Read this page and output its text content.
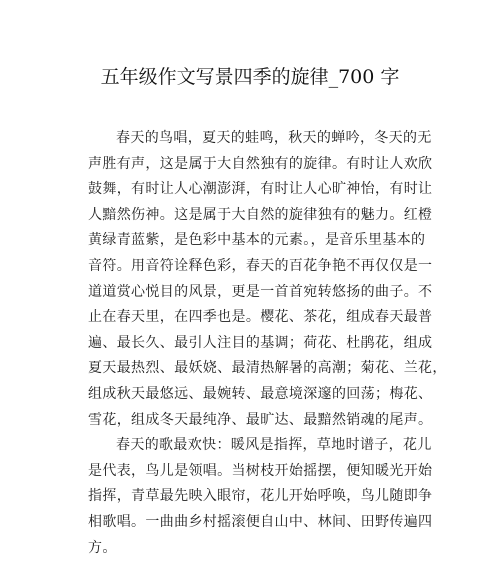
五年级作文写景四季的旋律_700 字
春天的鸟唱，夏天的蛙鸣，秋天的蝉吟，冬天的无
声胜有声，这是属于大自然独有的旋律。有时让人欢欣
鼓舞，有时让人心潮澎湃，有时让人心旷神怡，有时让
人黯然伤神。这是属于大自然的旋律独有的魅力。红橙
黄绿青蓝紫，是色彩中基本的元素。，是音乐里基本的
音符。用音符诠释色彩，春天的百花争艳不再仅仅是一
道道赏心悦目的风景，更是一首首宛转悠扬的曲子。不
止在春天里，在四季也是。樱花、茶花，组成春天最普
遍、最长久、最引人注目的基调；荷花、杜鹃花，组成
夏天最热烈、最妖娆、最清热解暑的高潮；菊花、兰花，
组成秋天最悠远、最婉转、最意境深邃的回荡；梅花、
雪花，组成冬天最纯净、最旷达、最黯然销魂的尾声。
春天的歌最欢快：暖风是指挥，草地时谱子，花儿
是代表，鸟儿是领唱。当树枝开始摇摆，便知暖光开始
指挥，青草最先映入眼帘，花儿开始呼唤，鸟儿随即争
相歌唱。一曲曲乡村摇滚便自山中、林间、田野传遍四
方。
